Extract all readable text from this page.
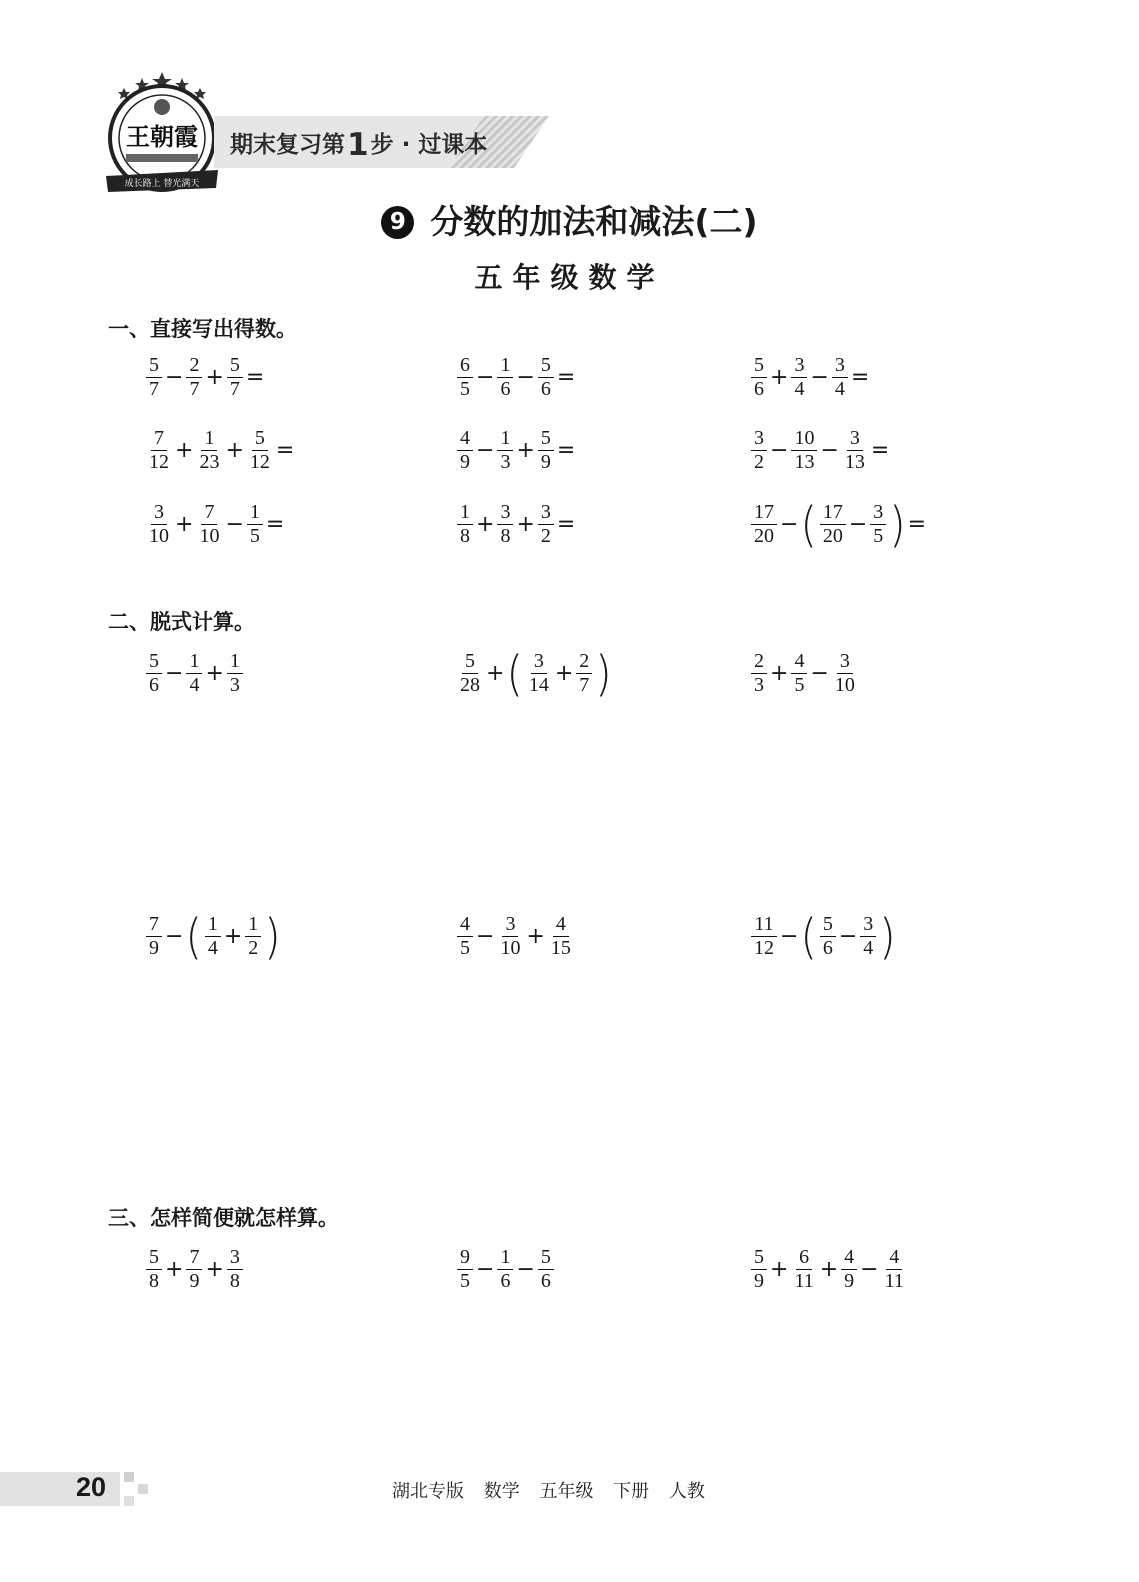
王朝霞
成长路上 替光满天
期末复习第1步 · 过课本
9 分数的加法和减法(二)
五年级数学
一、直接写出得数。
二、脱式计算。
三、怎样简便就怎样算。
$\frac{5}{7} - \frac{2}{7} + \frac{5}{7}$ =	$\frac{6}{5} - \frac{1}{6} - \frac{5}{6}$ =	$\frac{5}{6} + \frac{3}{4} - \frac{3}{4}$ =
$\frac{7}{12} + \frac{1}{23} + \frac{5}{12}$ =	$\frac{4}{9} - \frac{1}{3} + \frac{5}{9}$ =	$\frac{3}{2} - \frac{10}{13} - \frac{3}{13}$ =
$\frac{3}{10} + \frac{7}{10} - \frac{1}{5}$ =	$\frac{1}{8} + \frac{3}{8} + \frac{3}{2}$ =	$\frac{17}{20}$ − ( $\frac{17}{20} - \frac{3}{5}$ ) =
$\frac{5}{6} - \frac{1}{4} + \frac{1}{3}$	$\frac{5}{28}$ + ( $\frac{3}{14} + \frac{2}{7}$ )	$\frac{2}{3} + \frac{4}{5} - \frac{3}{10}$
$\frac{7}{9}$ − ( $\frac{1}{4} + \frac{1}{2}$ )	$\frac{4}{5} - \frac{3}{10} + \frac{4}{15}$	$\frac{11}{12}$ − ( $\frac{5}{6} - \frac{3}{4}$ )
$\frac{5}{8} + \frac{7}{9} + \frac{3}{8}$	$\frac{9}{5} - \frac{1}{6} - \frac{5}{6}$	$\frac{5}{9} + \frac{6}{11} + \frac{4}{9} - \frac{4}{11}$
20	湖北专版 数学 五年级 下册 人教
